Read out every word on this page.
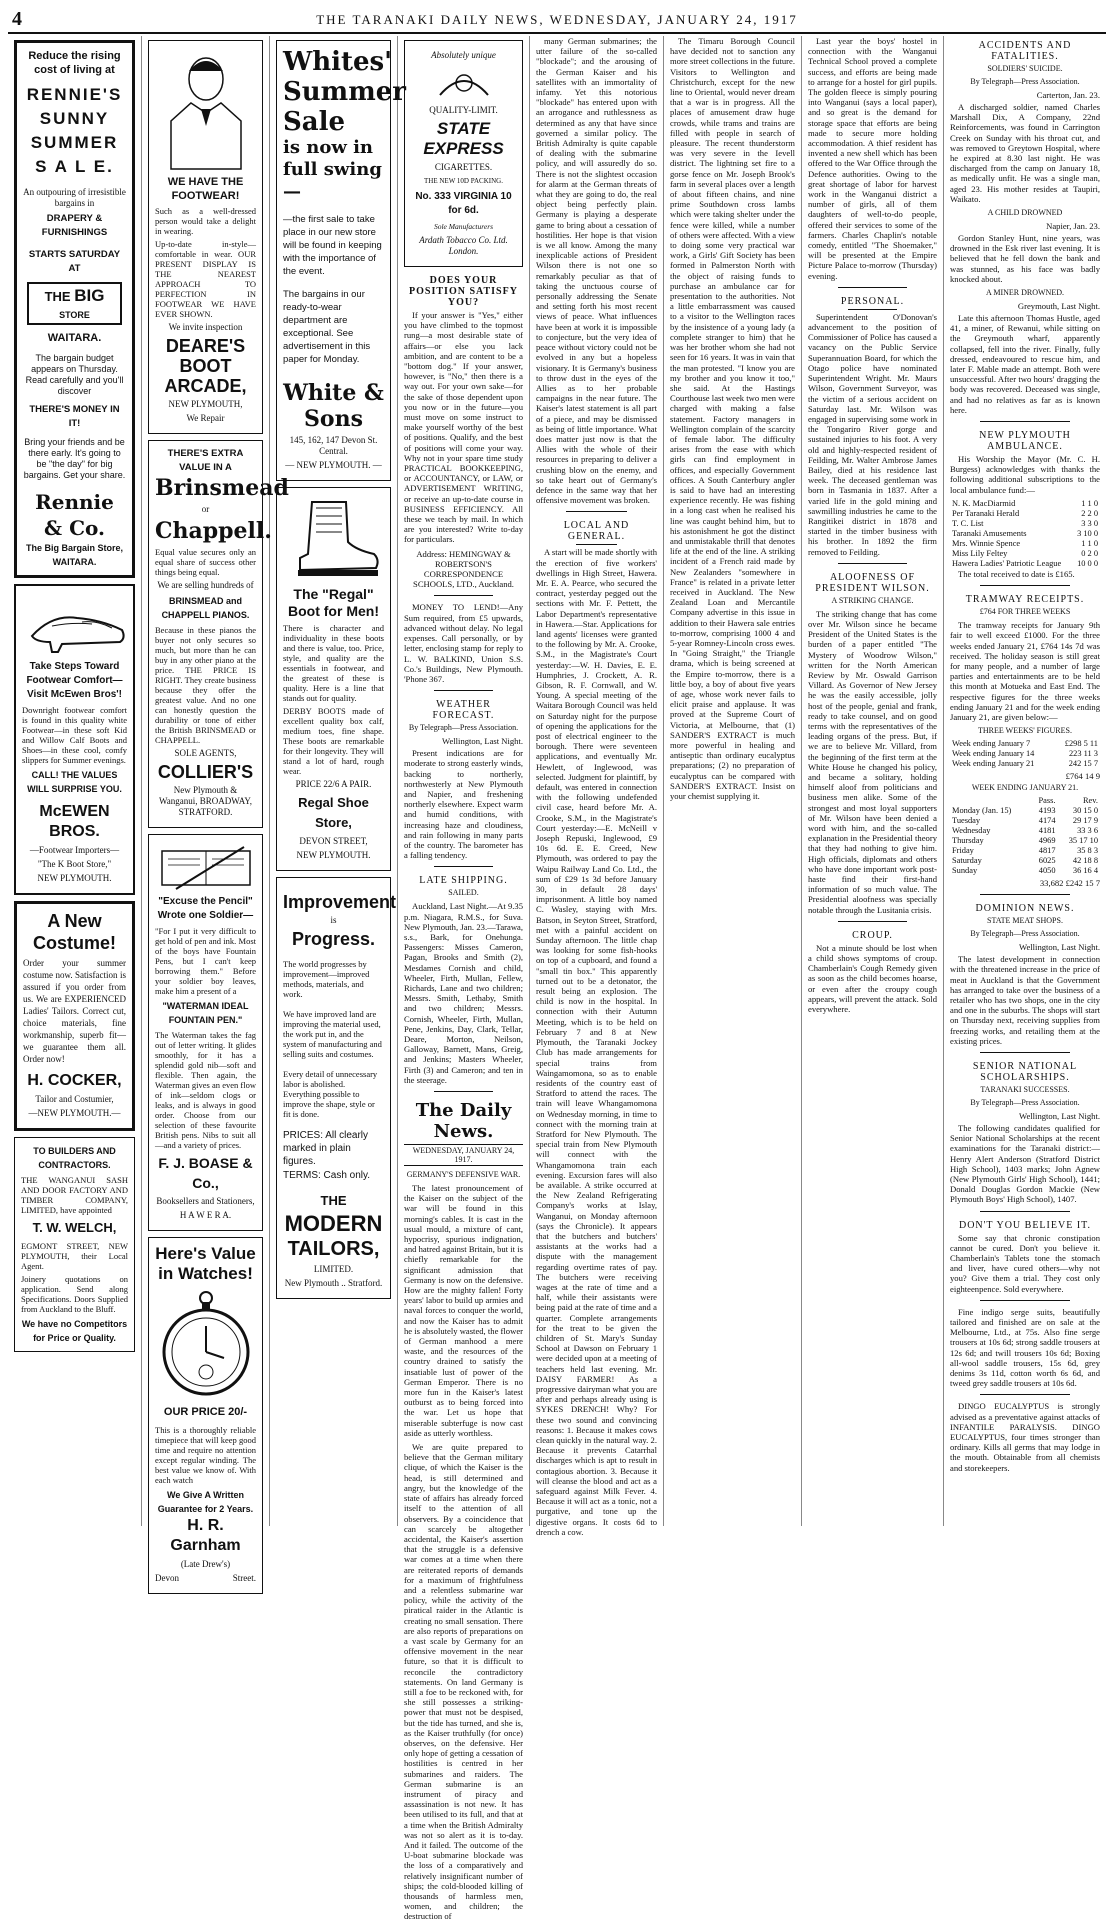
4	THE TARANAKI DAILY NEWS, WEDNESDAY, JANUARY 24, 1917
Reduce the rising cost of living at
RENNIE'S
SUNNY
SUMMER
S A L E.
An outpouring of irresistible bargains in
DRAPERY & FURNISHINGS
STARTS SATURDAY AT
THE BIG STORE
WAITARA.
The bargain budget appears on Thursday. Read carefully and you'll discover
THERE'S MONEY IN IT!
Bring your friends and be there early. It's going to be "the day" for big bargains. Get your share.
Rennie & Co.
The Big Bargain Store, WAITARA.
Take Steps Toward Footwear Comfort—Visit McEwen Bros'!
Downright footwear comfort is found in this quality white Footwear—in these soft Kid and Willow Calf Boots and Shoes—in these cool, comfy slippers for Summer evenings.
CALL! THE VALUES WILL SURPRISE YOU.
McEWEN BROS.
—Footwear Importers—
"The K Boot Store,"
NEW PLYMOUTH.
A New Costume!
Order your summer costume now. Satisfaction is assured if you order from us. We are EXPERIENCED Ladies' Tailors. Correct cut, choice materials, fine workmanship, superb fit—we guarantee them all. Order now!
H. COCKER,
Tailor and Costumier,
—NEW PLYMOUTH.—
TO BUILDERS AND CONTRACTORS.
THE WANGANUI SASH AND DOOR FACTORY AND TIMBER COMPANY, LIMITED, have appointed
T. W. WELCH,
EGMONT STREET, NEW PLYMOUTH, their Local Agent.
Joinery quotations on application. Send along Specifications. Doors Supplied from Auckland to the Bluff.
We have no Competitors for Price or Quality.
WE HAVE THE FOOTWEAR!
Such as a well-dressed person would take a delight in wearing.
Up-to-date in-style—comfortable in wear. OUR PRESENT DISPLAY IS THE NEAREST APPROACH TO PERFECTION IN FOOTWEAR WE HAVE EVER SHOWN.
We invite inspection
DEARE'S
BOOT
ARCADE,
NEW PLYMOUTH,
We Repair
THERE'S EXTRA VALUE IN A
Brinsmead
or
Chappell.
Equal value secures only an equal share of success other things being equal.
We are selling hundreds of
BRINSMEAD and CHAPPELL PIANOS.
Because in these pianos the buyer not only secures so much, but more than he can buy in any other piano at the price. THE PRICE IS RIGHT. They create business because they offer the greatest value. And no one can honestly question the durability or tone of either the British BRINSMEAD or CHAPPELL.
SOLE AGENTS,
COLLIER'S
New Plymouth & Wanganui, BROADWAY, STRATFORD.
"Excuse the Pencil" Wrote one Soldier—
"For I put it very difficult to get hold of pen and ink. Most of the boys have Fountain Pens, but I can't keep borrowing them." Before your soldier boy leaves, make him a present of a
"WATERMAN IDEAL FOUNTAIN PEN."
The Waterman takes the fag out of letter writing. It glides smoothly, for it has a splendid gold nib—soft and flexible. Then again, the Waterman gives an even flow of ink—seldom clogs or leaks, and is always in good order. Choose from our selection of these favourite British pens. Nibs to suit all—and a variety of prices.
F. J. BOASE & Co.,
Booksellers and Stationers,
H A W E R A.
Here's Value in Watches!
OUR PRICE 20/-
This is a thoroughly reliable timepiece that will keep good time and require no attention except regular winding. The best value we know of. With each watch
We Give A Written Guarantee for 2 Years.
H. R. Garnham
(Late Drew's)
Devon	Street.
Whites'
Summer
Sale
is now in full swing—
—the first sale to take place in our new store will be found in keeping with the importance of the event.
The bargains in our ready-to-wear department are exceptional. See advertisement in this paper for Monday.
White & Sons
145, 162, 147 Devon St. Central.
— NEW PLYMOUTH. —
The "Regal" Boot for Men!
There is character and individuality in these boots and there is value, too. Price, style, and quality are the essentials in footwear, and the greatest of these is quality. Here is a line that stands out for quality.
DERBY BOOTS made of excellent quality box calf, medium toes, fine shape. These boots are remarkable for their longevity. They will stand a lot of hard, rough wear.
PRICE 22/6 A PAIR.
Regal Shoe Store,
DEVON STREET,
NEW PLYMOUTH.
Improvement
is
Progress.
The world progresses by improvement—improved methods, materials, and work.
We have improved land are improving the material used, the work put in, and the system of manufacturing and selling suits and costumes.
Every detail of unnecessary labor is abolished. Everything possible to improve the shape, style or fit is done.
PRICES: All clearly marked in plain figures.
TERMS: Cash only.
THE
MODERN
TAILORS,
LIMITED.
New Plymouth .. Stratford.
Absolutely unique
QUALITY-LIMIT.
STATE EXPRESS
CIGARETTES.
THE NEW 10D PACKING.
No. 333 VIRGINIA 10 for 6d.
Sole Manufacturers
Ardath Tobacco Co. Ltd. London.
DOES YOUR POSITION SATISFY YOU?

If your answer is "Yes," either you have climbed to the topmost rung—a most desirable state of affairs—or else you lack ambition, and are content to be a "bottom dog." If your answer, however, is "No," then there is a way out. For your own sake—for the sake of those dependent upon you now or in the future—you must move on some instruct to make yourself worthy of the best of positions. Qualify, and the best of positions will come your way. Why not in your spare time study PRACTICAL BOOKKEEPING, or ACCOUNTANCY, or LAW, or ADVERTISEMENT WRITING, or receive an up-to-date course in BUSINESS EFFICIENCY. All these we teach by mail. In which are you interested? Write to-day for particulars.

Address: HEMINGWAY & ROBERTSON'S CORRESPONDENCE SCHOOLS, LTD., Auckland.

MONEY TO LEND!—Any Sum required, from £5 upwards, advanced without delay. No legal expenses. Call personally, or by letter, enclosing stamp for reply to L. W. BALKIND, Union S.S. Co.'s Buildings, New Plymouth. 'Phone 367.

WEATHER FORECAST.
By Telegraph—Press Association.
Wellington, Last Night.

Present indications are for moderate to strong easterly winds, backing to northerly, northwesterly at New Plymouth and Napier, and freshening northerly elsewhere. Expect warm and humid conditions, with increasing haze and cloudiness, and rain following in many parts of the country. The barometer has a falling tendency.

LATE SHIPPING.
SAILED.

Auckland, Last Night.—At 9.35 p.m. Niagara, R.M.S., for Suva. New Plymouth, Jan. 23.—Tarawa, s.s., Bark, for Onehunga. Passengers: Misses Cameron, Pagan, Brooks and Smith (2), Mesdames Cornish and child, Wheeler, Firth, Mullan, Fellew, Richards, Lane and two children; Messrs. Smith, Lethaby, Smith and two children; Messrs. Cornish, Wheeler, Firth, Mullan, Pene, Jenkins, Day, Clark, Tellar, Deare, Morton, Neilson, Galloway, Barnett, Mans, Greig, and Jenkins; Masters Wheeler, Firth (3) and Cameron; and ten in the steerage.

The Daily News.
WEDNESDAY, JANUARY 24, 1917.
GERMANY'S DEFENSIVE WAR.

The latest pronouncement of the Kaiser on the subject of the war will be found in this morning's cables. It is cast in the usual mould, a mixture of cant, hypocrisy, spurious indignation, and hatred against Britain, but it is chiefly remarkable for the significant admission that Germany is now on the defensive. How are the mighty fallen! Forty years' labor to build up armies and naval forces to conquer the world, and now the Kaiser has to admit he is absolutely wasted, the flower of German manhood a mere waste, and the resources of the country drained to satisfy the insatiable lust of power of the German Emperor. There is no more fun in the Kaiser's latest outburst as to being forced into the war. Let us hope that miserable subterfuge is now cast aside as utterly worthless.

We are quite prepared to believe that the German military clique, of which the Kaiser is the head, is still determined and angry, but the knowledge of the state of affairs has already forced itself to the attention of all observers. By a coincidence that can scarcely be altogether accidental, the Kaiser's assertion that the struggle is a defensive war comes at a time when there are reiterated reports of demands for a maximum of frightfulness and a relentless submarine war policy, while the activity of the piratical raider in the Atlantic is creating no small sensation. There are also reports of preparations on a vast scale by Germany for an offensive movement in the near future, so that it is difficult to reconcile the contradictory statements. On land Germany is still a foe to be reckoned with, for she still possesses a striking-power that must not be despised, but the tide has turned, and she is, as the Kaiser truthfully (for once) observes, on the defensive. Her only hope of getting a cessation of hostilities is centred in her submarines and raiders. The German submarine is an instrument of piracy and assassination is not new. It has been utilised to its full, and that at a time when the British Admiralty was not so alert as it is to-day. And it failed. The outcome of the U-boat submarine blockade was the loss of a comparatively and relatively insignificant number of ships; the cold-blooded killing of thousands of harmless men, women, and children; the destruction of

many German submarines; the utter failure of the so-called "blockade"; and the arousing of the German Kaiser and his satellites with an immortality of infamy. Yet this notorious "blockade" has entered upon with an arrogance and ruthlessness as determined as any that have since governed a similar policy. The British Admiralty is quite capable of dealing with the submarine policy, and will assuredly do so. There is not the slightest occasion for alarm at the German threats of what they are going to do, the real object being perfectly plain. Germany is playing a desperate game to bring about a cessation of hostilities. Her hope is that vision is we all know. Among the many inexplicable actions of President Wilson there is not one so remarkably peculiar as that of taking the unctuous course of personally addressing the Senate and setting forth his most recent views of peace. What influences have been at work it is impossible to conjecture, but the very idea of peace without victory could not be evolved in any but a hopeless visionary. It is Germany's business to throw dust in the eyes of the Allies as to her probable campaigns in the near future. The Kaiser's latest statement is all part of a piece, and may be dismissed as being of little importance. What does matter just now is that the Allies with the whole of their resources in preparing to deliver a crushing blow on the enemy, and so take heart out of Germany's defence in the same way that her offensive movement was broken.

LOCAL AND GENERAL.

A start will be made shortly with the erection of five workers' dwellings in High Street, Hawera. Mr. E. A. Pearce, who secured the contract, yesterday pegged out the sections with Mr. F. Pettett, the Labor Department's representative in Hawera.—Star. Applications for land agents' licenses were granted to the following by Mr. A. Crooke, S.M., in the Magistrate's Court yesterday:—W. H. Davies, E. E. Humphries, J. Crockett, A. R. Gibson, R. F. Cornwall, and W. Young. A special meeting of the Waitara Borough Council was held on Saturday night for the purpose of opening the applications for the post of electrical engineer to the borough. There were seventeen applications, and eventually Mr. Hewlett, of Inglewood, was selected. Judgment for plaintiff, by default, was entered in connection with the following undefended civil case, heard before Mr. A. Crooke, S.M., in the Magistrate's Court yesterday:—E. McNeill v Joseph Repuski, Inglewood, £9 10s 6d. E. E. Creed, New Plymouth, was ordered to pay the Waipu Railway Land Co. Ltd., the sum of £29 1s 3d before January 30, in default 28 days' imprisonment. A little boy named C. Wasley, staying with Mrs. Batson, in Seyton Street, Stratford, met with a painful accident on Sunday afternoon. The little chap was looking for some fish-hooks on top of a cupboard, and found a "small tin box." This apparently turned out to be a detonator, the result being an explosion. The child is now in the hospital. In connection with their Autumn Meeting, which is to be held on February 7 and 8 at New Plymouth, the Taranaki Jockey Club has made arrangements for special trains from Waingamomona, so as to enable residents of the country east of Stratford to attend the races. The train will leave Whangamomona on Wednesday morning, in time to connect with the morning train at Stratford for New Plymouth. The special train from New Plymouth will connect with the Whangamomona train each evening. Excursion fares will also be available. A strike occurred at the New Zealand Refrigerating Company's works at Islay, Wanganui, on Monday afternoon (says the Chronicle). It appears that the butchers and butchers' assistants at the works had a dispute with the management regarding overtime rates of pay. The butchers were receiving wages at the rate of time and a half, while their assistants were being paid at the rate of time and a quarter. Complete arrangements for the treat to be given the children of St. Mary's Sunday School at Dawson on February 1 were decided upon at a meeting of teachers held last evening. Mr. DAISY FARMER! As a progressive dairyman what you are after and perhaps already using is SYKES DRENCH! Why? For these two sound and convincing reasons: 1. Because it makes cows clean quickly in the natural way. 2. Because it prevents Catarrhal discharges which is apt to result in contagious abortion. 3. Because it will cleanse the blood and act as a safeguard against Milk Fever. 4. Because it will act as a tonic, not a purgative, and tone up the digestive organs. It costs 6d to drench a cow.

The Timaru Borough Council have decided not to sanction any more street collections in the future. Visitors to Wellington and Christchurch, except for the new line to Oriental, would never dream that a war is in progress. All the places of amusement draw huge crowds, while trams and trains are filled with people in search of pleasure. The recent thunderstorm was very severe in the Ievell district. The lightning set fire to a gorse fence on Mr. Joseph Brook's farm in several places over a length of about fifteen chains, and nine prime Southdown cross lambs which were taking shelter under the fence were killed, while a number of others were affected. With a view to doing some very practical war work, a Girls' Gift Society has been formed in Palmerston North with the object of raising funds to purchase an ambulance car for presentation to the authorities. Not a little embarrassment was caused to a visitor to the Wellington races by the insistence of a young lady (a complete stranger to him) that he was her brother whom she had not seen for 16 years. It was in vain that the man protested. "I know you are my brother and you know it too," she said. At the Hastings Courthouse last week two men were charged with making a false statement. Factory managers in Wellington complain of the scarcity of female labor. The difficulty arises from the ease with which girls can find employment in offices, and especially Government offices. A South Canterbury angler is said to have had an interesting experience recently. He was fishing in a long cast when he realised his line was caught behind him, but to his astonishment he got the distinct and unmistakable thrill that denotes life at the end of the line. A striking incident of a French raid made by New Zealanders "somewhere in France" is related in a private letter received in Auckland. The New Zealand Loan and Mercantile Company advertise in this issue in addition to their Hawera sale entries to-morrow, comprising 1000 4 and 5-year Romney-Lincoln cross ewes. In "Going Straight," the Triangle drama, which is being screened at the Empire to-morrow, there is a little boy, a boy of about five years of age, whose work never fails to elicit praise and applause. It was proved at the Supreme Court of Victoria, at Melbourne, that (1) SANDER'S EXTRACT is much more powerful in healing and antiseptic than ordinary eucalyptus preparations; (2) no preparation of eucalyptus can be compared with SANDER'S EXTRACT. Insist on your chemist supplying it.

Last year the boys' hostel in connection with the Wanganui Technical School proved a complete success, and efforts are being made to arrange for a hostel for girl pupils. The golden fleece is simply pouring into Wanganui (says a local paper), and so great is the demand for storage space that efforts are being made to secure more holding accommodation. A thief resident has invented a new shell which has been offered to the War Office through the Defence authorities. Owing to the great shortage of labor for harvest work in the Wanganui district a number of girls, all of them daughters of well-to-do people, offered their services to some of the farmers. Charles Chaplin's notable comedy, entitled "The Shoemaker," will be presented at the Empire Picture Palace to-morrow (Thursday) evening.

PERSONAL.

Superintendent O'Donovan's advancement to the position of Commissioner of Police has caused a vacancy on the Public Service Superannuation Board, for which the Otago police have nominated Superintendent Wright. Mr. Maurs Wilson, Government Surveyor, was the victim of a serious accident on Saturday last. Mr. Wilson was engaged in supervising some work in the Tongariro River gorge and sustained injuries to his foot. A very old and highly-respected resident of Feilding, Mr. Walter Ambrose James Bailey, died at his residence last week. The deceased gentleman was born in Tasmania in 1837. After a varied life in the gold mining and sawmilling industries he came to the Rangitikei district in 1878 and started in the timber business with his brother. In 1892 the firm removed to Feilding.

ALOOFNESS OF PRESIDENT WILSON.
A STRIKING CHANGE.

The striking change that has come over Mr. Wilson since he became President of the United States is the burden of a paper entitled "The Mystery of Woodrow Wilson," written for the North American Review by Mr. Oswald Garrison Villard. As Governor of New Jersey he was the easily accessible, jolly host of the people, genial and frank, ready to take counsel, and on good terms with the representatives of the leading organs of the press. But, if we are to believe Mr. Villard, from the beginning of the first term at the White House he changed his policy, and became a solitary, holding himself aloof from politicians and business men alike. Some of the strongest and most loyal supporters of Mr. Wilson have been denied a word with him, and the so-called explanation in the Presidential theory that they had nothing to give him. High officials, diplomats and others who have done important work post-haste find their first-hand information of so much value. The Presidential aloofness was specially notable through the Lusitania crisis.

CROUP.

Not a minute should be lost when a child shows symptoms of croup. Chamberlain's Cough Remedy given as soon as the child becomes hoarse, or even after the croupy cough appears, will prevent the attack. Sold everywhere.

ACCIDENTS AND FATALITIES.
SOLDIERS' SUICIDE.
By Telegraph—Press Association.
Carterton, Jan. 23.

A discharged soldier, named Charles Marshall Dix, A Company, 22nd Reinforcements, was found in Carrington Creek on Sunday with his throat cut, and was removed to Greytown Hospital, where he expired at 8.30 last night. He was discharged from the camp on January 18, as medically unfit. He was a single man, aged 23. His mother resides at Taupiri, Waikato.

A CHILD DROWNED
Napier, Jan. 23.

Gordon Stanley Hunt, nine years, was drowned in the Esk river last evening. It is believed that he fell down the bank and was stunned, as his face was badly knocked about.

A MINER DROWNED.
Greymouth, Last Night.

Late this afternoon Thomas Hustle, aged 41, a miner, of Rewanui, while sitting on the Greymouth wharf, apparently collapsed, fell into the river. Finally, fully dressed, endeavoured to rescue him, and later F. Mable made an attempt. Both were unsuccessful. After two hours' dragging the body was recovered. Deceased was single, and had no relatives as far as is known here.

NEW PLYMOUTH AMBULANCE.

His Worship the Mayor (Mr. C. H. Burgess) acknowledges with thanks the following additional subscriptions to the local ambulance fund:—

N. K. MacDiarmid	1 1 0
Per Taranaki Herald	2 2 0
T. C. List	3 3 0
Taranaki Amusements	3 10 0
Mrs. Winnie Spence	1 1 0
Miss Lily Feltey	0 2 0
Hawera Ladies' Patriotic League	10 0 0

The total received to date is £165.

TRAMWAY RECEIPTS.
£764 FOR THREE WEEKS

The tramway receipts for January 9th fair to well exceed £1000. For the three weeks ended January 21, £764 14s 7d was received. The holiday season is still great for many people, and a number of large parties and entertainments are to be held this month at Motueka and East End. The respective figures for the three weeks ending January 21 and for the week ending January 21, are given below:—

THREE WEEKS' FIGURES.
Week ending January 7	£298 5 11
Week ending January 14	223 11 3
Week ending January 21	242 15 7
£764 14 9
WEEK ENDING JANUARY 21.
	Pass.	Rev.
Monday (Jan. 15)	4193	30 15 0
Tuesday	4174	29 17 9
Wednesday	4181	33 3 6
Thursday	4969	35 17 10
Friday	4817	35 8 3
Saturday	6025	42 18 8
Sunday	4050	36 16 4
33,682 £242 15 7
DOMINION NEWS.
STATE MEAT SHOPS.
By Telegraph—Press Association.
Wellington, Last Night.

The latest development in connection with the threatened increase in the price of meat in Auckland is that the Government has arranged to take over the business of a retailer who has two shops, one in the city and one in the suburbs. The shops will start on Thursday next, receiving supplies from freezing works, and retailing them at the existing prices.

SENIOR NATIONAL SCHOLARSHIPS.
TARANAKI SUCCESSES.
By Telegraph—Press Association.
Wellington, Last Night.

The following candidates qualified for Senior National Scholarships at the recent examinations for the Taranaki district:—Henry Alert Anderson (Stratford District High School), 1403 marks; John Agnew (New Plymouth Girls' High School), 1441; Donald Douglas Gordon Mackie (New Plymouth Boys' High School), 1407.

DON'T YOU BELIEVE IT.

Some say that chronic constipation cannot be cured. Don't you believe it. Chamberlain's Tablets tone the stomach and liver, have cured others—why not you? Give them a trial. They cost only eighteenpence. Sold everywhere.

Fine indigo serge suits, beautifully tailored and finished are on sale at the Melbourne, Ltd., at 75s. Also fine serge trousers at 10s 6d; strong saddle trousers at 12s 6d; and twill trousers 10s 6d; Boxing all-wool saddle trousers, 15s 6d, grey denims 3s 11d, cotton worth 6s 6d, and tweed grey saddle trousers at 10s 6d.

DINGO EUCALYPTUS is strongly advised as a preventative against attacks of INFANTILE PARALYSIS. DINGO EUCALYPTUS, four times stronger than ordinary. Kills all germs that may lodge in the mouth. Obtainable from all chemists and storekeepers.
